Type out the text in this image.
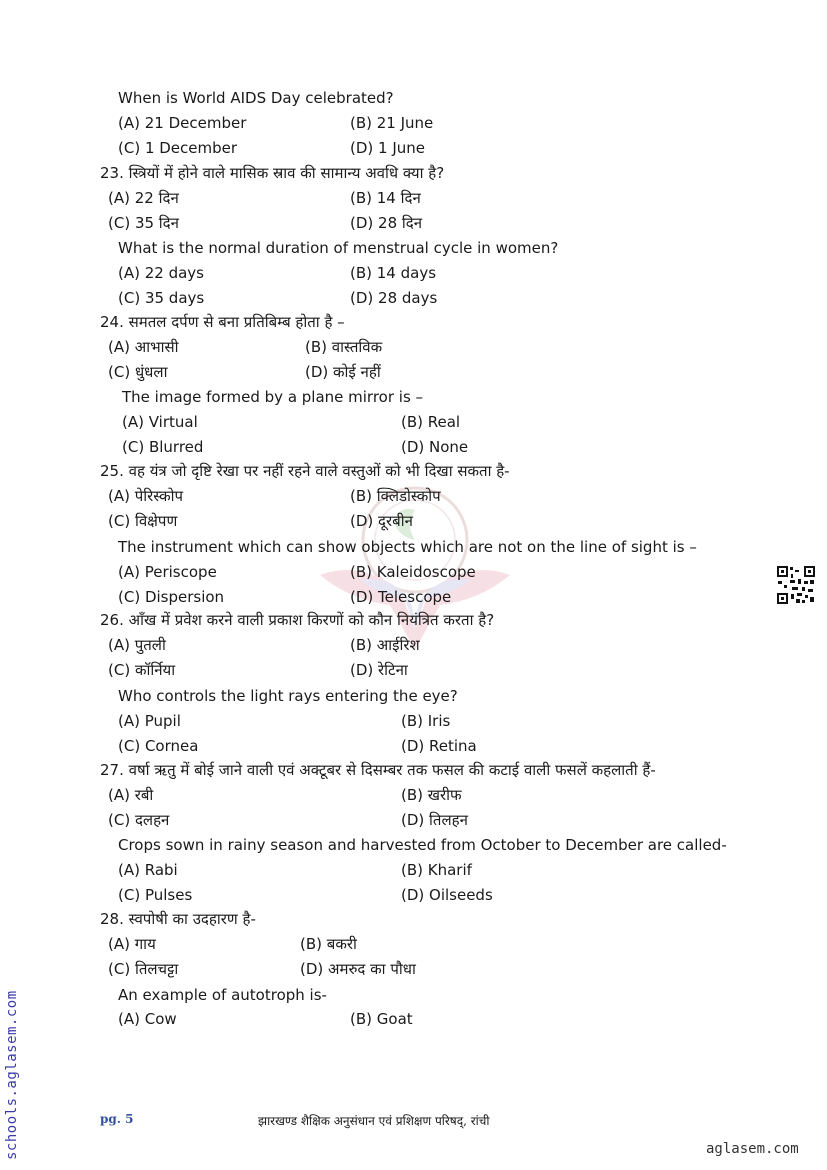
When is World AIDS Day celebrated?
(A) 21 December	(B) 21 June
(C) 1 December	(D) 1 June
23. स्त्रियों में होने वाले मासिक स्राव की सामान्य अवधि क्या है?
(A) 22 दिन	(B) 14 दिन
(C) 35 दिन	(D) 28 दिन
What is the normal duration of menstrual cycle in women?
(A) 22 days	(B) 14 days
(C) 35 days	(D) 28 days
24. समतल दर्पण से बना प्रतिबिम्ब होता है –
(A) आभासी	(B) वास्तविक
(C) धुंधला	(D) कोई नहीं
The image formed by a plane mirror is –
(A) Virtual	(B) Real
(C) Blurred	(D) None
25. वह यंत्र जो दृष्टि रेखा पर नहीं रहने वाले वस्तुओं को भी दिखा सकता है-
(A) पेरिस्कोप	(B) क्लिडोस्कोप
(C) विक्षेपण	(D) दूरबीन
The instrument which can show objects which are not on the line of sight is –
(A) Periscope	(B) Kaleidoscope
(C) Dispersion	(D) Telescope
26. आँख में प्रवेश करने वाली प्रकाश किरणों को कौन नियंत्रित करता है?
(A) पुतली	(B) आईरिश
(C) कॉर्निया	(D) रेटिना
Who controls the light rays entering the eye?
(A) Pupil	(B) Iris
(C) Cornea	(D) Retina
27. वर्षा ऋतु में बोई जाने वाली एवं अक्टूबर से दिसम्बर तक फसल की कटाई वाली फसलें कहलाती हैं-
(A) रबी	(B) खरीफ
(C) दलहन	(D) तिलहन
Crops sown in rainy season and harvested from October to December are called-
(A) Rabi	(B) Kharif
(C) Pulses	(D) Oilseeds
28. स्वपोषी का उदहारण है-
(A) गाय	(B) बकरी
(C) तिलचट्टा	(D) अमरुद का पौधा
An example of autotroph is-
(A) Cow	(B) Goat
pg. 5	झारखण्ड शैक्षिक अनुसंधान एवं प्रशिक्षण परिषद्, रांची
schools.aglasem.com	aglasem.com
